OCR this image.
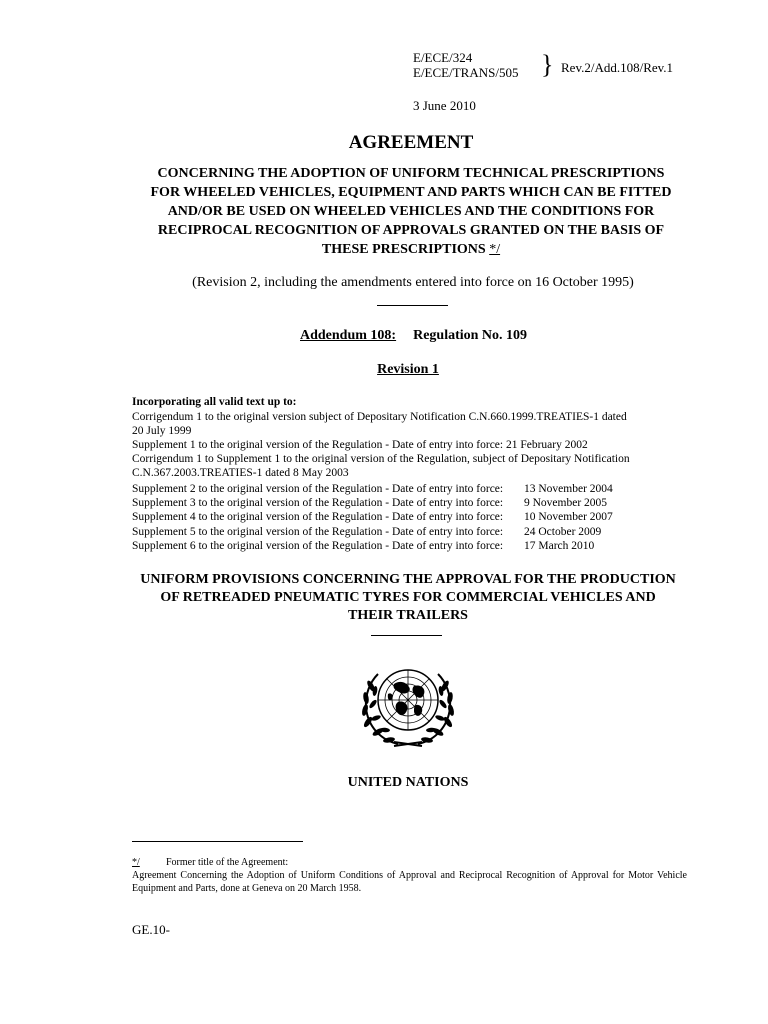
E/ECE/324
E/ECE/TRANS/505 } Rev.2/Add.108/Rev.1
3 June 2010
AGREEMENT
CONCERNING THE ADOPTION OF UNIFORM TECHNICAL PRESCRIPTIONS
FOR WHEELED VEHICLES, EQUIPMENT AND PARTS WHICH CAN BE FITTED
AND/OR BE USED ON WHEELED VEHICLES AND THE CONDITIONS FOR
RECIPROCAL RECOGNITION OF APPROVALS GRANTED ON THE BASIS OF
THESE PRESCRIPTIONS */
(Revision 2, including the amendments entered into force on 16 October 1995)
Addendum 108: Regulation No. 109
Revision 1
Incorporating all valid text up to:
Corrigendum 1 to the original version subject of Depositary Notification C.N.660.1999.TREATIES-1 dated
20 July 1999
Supplement 1 to the original version of the Regulation - Date of entry into force: 21 February 2002
Corrigendum 1 to Supplement 1 to the original version of the Regulation, subject of Depositary Notification
C.N.367.2003.TREATIES-1 dated 8 May 2003
Supplement 2 to the original version of the Regulation - Date of entry into force:	13 November 2004
Supplement 3 to the original version of the Regulation - Date of entry into force:	9 November 2005
Supplement 4 to the original version of the Regulation - Date of entry into force:	10 November 2007
Supplement 5 to the original version of the Regulation - Date of entry into force:	24 October 2009
Supplement 6 to the original version of the Regulation - Date of entry into force:	17 March 2010
UNIFORM PROVISIONS CONCERNING THE APPROVAL FOR THE PRODUCTION
OF RETREADED PNEUMATIC TYRES FOR COMMERCIAL VEHICLES AND
THEIR TRAILERS
UNITED NATIONS
*/	Former title of the Agreement:
Agreement Concerning the Adoption of Uniform Conditions of Approval and Reciprocal Recognition of Approval for Motor Vehicle Equipment and Parts, done at Geneva on 20 March 1958.
GE.10-
